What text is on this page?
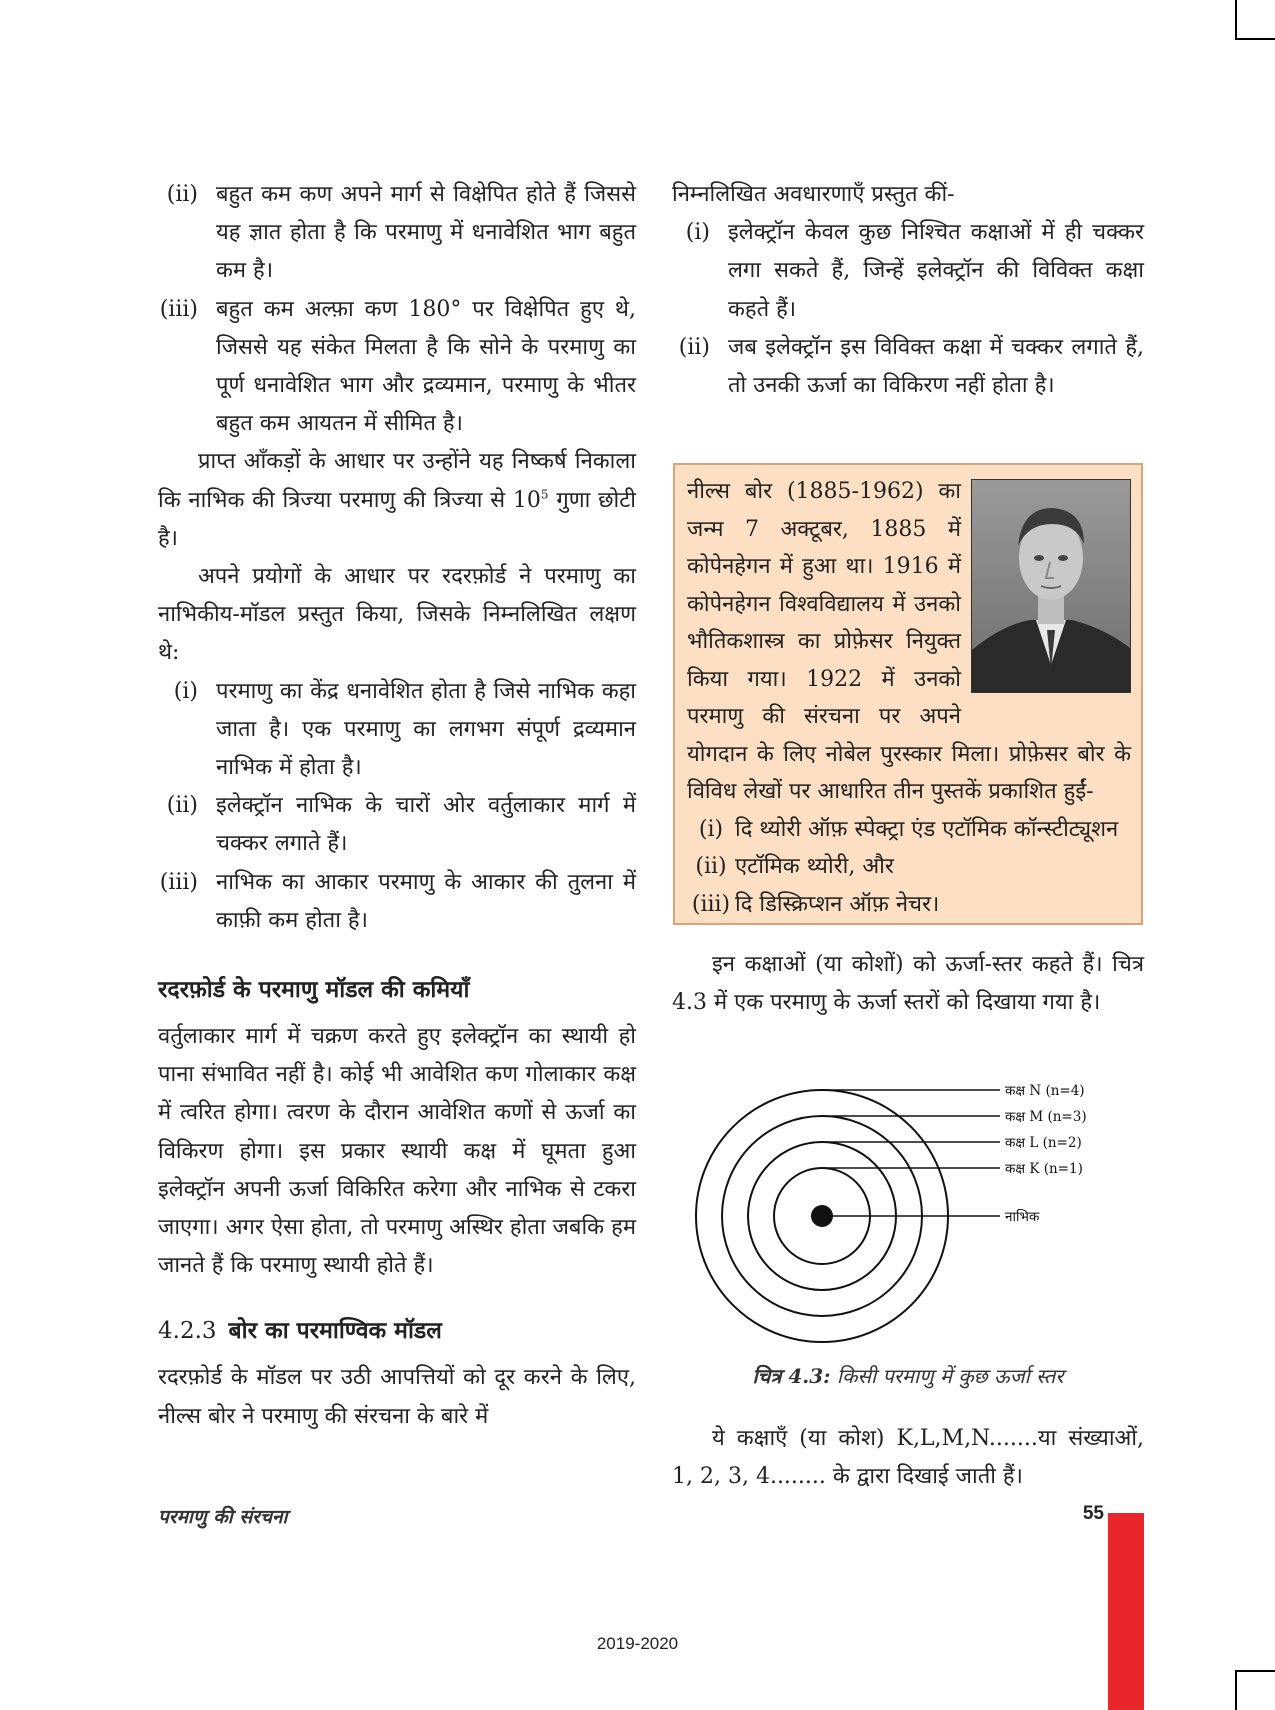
(ii) बहुत कम कण अपने मार्ग से विक्षेपित होते हैं जिससे यह ज्ञात होता है कि परमाणु में धनावेशित भाग बहुत कम है।
(iii) बहुत कम अल्फ़ा कण 180° पर विक्षेपित हुए थे, जिससे यह संकेत मिलता है कि सोने के परमाणु का पूर्ण धनावेशित भाग और द्रव्यमान, परमाणु के भीतर बहुत कम आयतन में सीमित है।

प्राप्त आँकड़ों के आधार पर उन्होंने यह निष्कर्ष निकाला कि नाभिक की त्रिज्या परमाणु की त्रिज्या से $10^5$ गुणा छोटी है।

अपने प्रयोगों के आधार पर रदरफ़ोर्ड ने परमाणु का नाभिकीय-मॉडल प्रस्तुत किया, जिसके निम्नलिखित लक्षण थे:

(i) परमाणु का केंद्र धनावेशित होता है जिसे नाभिक कहा जाता है। एक परमाणु का लगभग संपूर्ण द्रव्यमान नाभिक में होता है।
(ii) इलेक्ट्रॉन नाभिक के चारों ओर वर्तुलाकार मार्ग में चक्कर लगाते हैं।
(iii) नाभिक का आकार परमाणु के आकार की तुलना में काफ़ी कम होता है।
रदरफ़ोर्ड के परमाणु मॉडल की कमियाँ

वर्तुलाकार मार्ग में चक्रण करते हुए इलेक्ट्रॉन का स्थायी हो पाना संभावित नहीं है। कोई भी आवेशित कण गोलाकार कक्ष में त्वरित होगा। त्वरण के दौरान आवेशित कणों से ऊर्जा का विकिरण होगा। इस प्रकार स्थायी कक्ष में घूमता हुआ इलेक्ट्रॉन अपनी ऊर्जा विकिरित करेगा और नाभिक से टकरा जाएगा। अगर ऐसा होता, तो परमाणु अस्थिर होता जबकि हम जानते हैं कि परमाणु स्थायी होते हैं।

4.2.3 बोर का परमाण्विक मॉडल

रदरफ़ोर्ड के मॉडल पर उठी आपत्तियों को दूर करने के लिए, नील्स बोर ने परमाणु की संरचना के बारे में

निम्नलिखित अवधारणाएँ प्रस्तुत कीं-

(i) इलेक्ट्रॉन केवल कुछ निश्चित कक्षाओं में ही चक्कर लगा सकते हैं, जिन्हें इलेक्ट्रॉन की विविक्त कक्षा कहते हैं।
(ii) जब इलेक्ट्रॉन इस विविक्त कक्षा में चक्कर लगाते हैं, तो उनकी ऊर्जा का विकिरण नहीं होता है।

नील्स बोर (1885-1962) का जन्म 7 अक्टूबर, 1885 में कोपेनहेगन में हुआ था। 1916 में कोपेनहेगन विश्वविद्यालय में उनको भौतिकशास्त्र का प्रोफ़ेसर नियुक्त किया गया। 1922 में उनको परमाणु की संरचना पर अपने योगदान के लिए नोबेल पुरस्कार मिला। प्रोफ़ेसर बोर के विविध लेखों पर आधारित तीन पुस्तकें प्रकाशित हुईं-

(i) दि थ्योरी ऑफ़ स्पेक्ट्रा एंड एटॉमिक कॉन्स्टीट्यूशन
(ii) एटॉमिक थ्योरी, और
(iii) दि डिस्क्रिप्शन ऑफ़ नेचर।

इन कक्षाओं (या कोशों) को ऊर्जा-स्तर कहते हैं। चित्र 4.3 में एक परमाणु के ऊर्जा स्तरों को दिखाया गया है।

कक्ष N (n=4)
कक्ष M (n=3)
कक्ष L (n=2)
कक्ष K (n=1)
नाभिक
चित्र 4.3: किसी परमाणु में कुछ ऊर्जा स्तर

ये कक्षाएँ (या कोश) K,L,M,N.......या संख्याओं, 1, 2, 3, 4........ के द्वारा दिखाई जाती हैं।

परमाणु की संरचना	55
2019-2020
